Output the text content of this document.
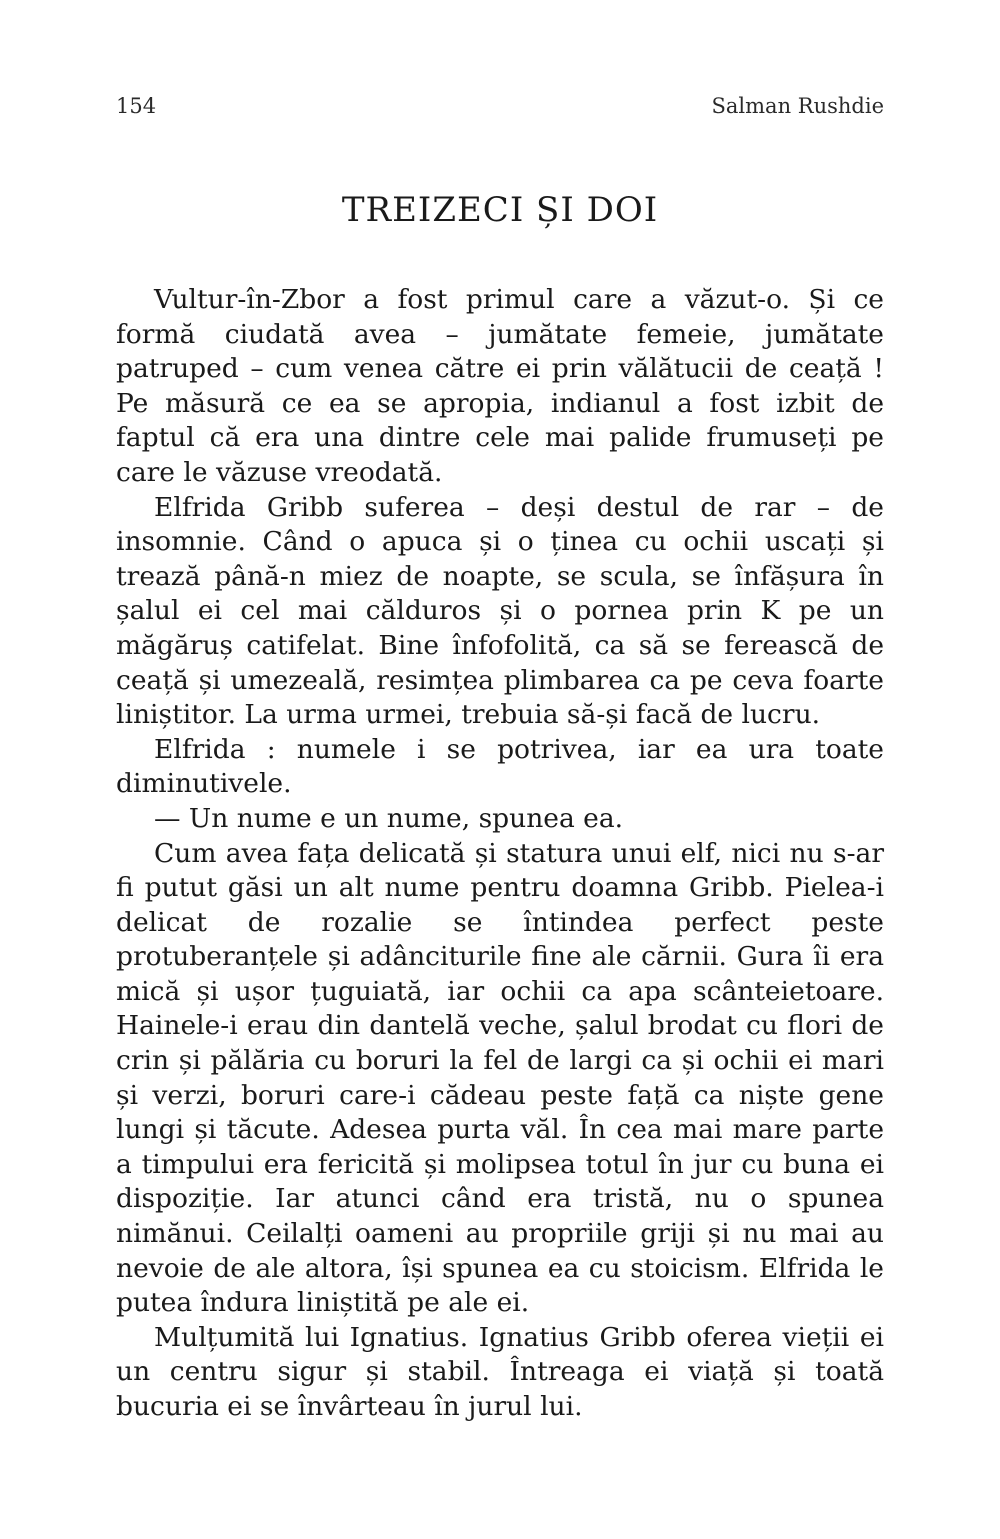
154	Salman Rushdie
TREIZECI ȘI DOI

Vultur-în-Zbor a fost primul care a văzut-o. Și ce formă ciudată avea – jumătate femeie, jumătate patruped – cum venea către ei prin vălătucii de ceață ! Pe măsură ce ea se apropia, indianul a fost izbit de faptul că era una dintre cele mai palide frumuseți pe care le văzuse vreodată.

Elfrida Gribb suferea – deși destul de rar – de insomnie. Când o apuca și o ținea cu ochii uscați și trează până-n miez de noapte, se scula, se înfășura în șalul ei cel mai călduros și o pornea prin K pe un măgăruș catifelat. Bine înfofolită, ca să se ferească de ceață și umezeală, resimțea plimbarea ca pe ceva foarte liniștitor. La urma urmei, trebuia să-și facă de lucru.

Elfrida : numele i se potrivea, iar ea ura toate diminutivele.

— Un nume e un nume, spunea ea.

Cum avea fața delicată și statura unui elf, nici nu s-ar fi putut găsi un alt nume pentru doamna Gribb. Pielea-i delicat de rozalie se întindea perfect peste protuberanțele și adânciturile fine ale cărnii. Gura îi era mică și ușor țuguiată, iar ochii ca apa scânteietoare. Hainele-i erau din dantelă veche, șalul brodat cu flori de crin și pălăria cu boruri la fel de largi ca și ochii ei mari și verzi, boruri care-i cădeau peste față ca niște gene lungi și tăcute. Adesea purta văl. În cea mai mare parte a timpului era fericită și molipsea totul în jur cu buna ei dispoziție. Iar atunci când era tristă, nu o spunea nimănui. Ceilalți oameni au propriile griji și nu mai au nevoie de ale altora, își spunea ea cu stoicism. Elfrida le putea îndura liniștită pe ale ei.

Mulțumită lui Ignatius. Ignatius Gribb oferea vieții ei un centru sigur și stabil. Întreaga ei viață și toată bucuria ei se învârteau în jurul lui.
